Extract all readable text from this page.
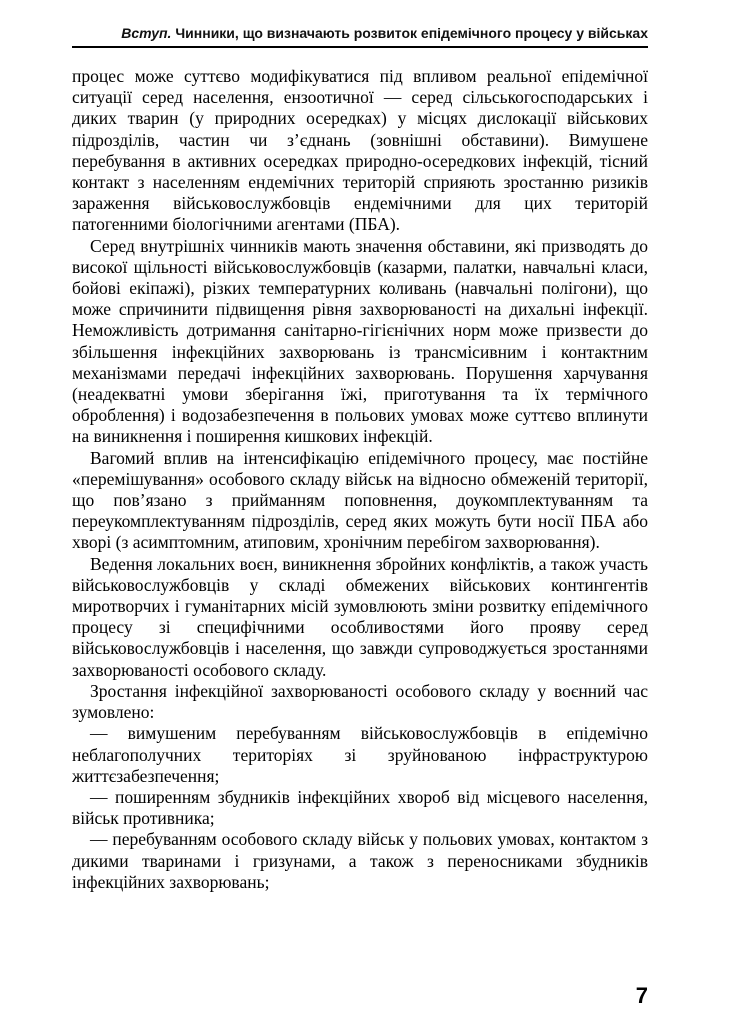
Вступ. Чинники, що визначають розвиток епідемічного процесу у військах

процес може суттєво модифікуватися під впливом реальної епідемічної ситуації серед населення, ензоотичної — серед сільськогосподарських і диких тварин (у природних осередках) у місцях дислокації військових підрозділів, частин чи з’єднань (зовнішні обставини). Вимушене перебування в активних осередках природно-осередкових інфекцій, тісний контакт з населенням ендемічних територій сприяють зростанню ризиків зараження військовослужбовців ендемічними для цих територій патогенними біологічними агентами (ПБА).

Серед внутрішніх чинників мають значення обставини, які призводять до високої щільності військовослужбовців (казарми, палатки, навчальні класи, бойові екіпажі), різких температурних коливань (навчальні полігони), що може спричинити підвищення рівня захворюваності на дихальні інфекції. Неможливість дотримання санітарно-гігієнічних норм може призвести до збільшення інфекційних захворювань із трансмісивним і контактним механізмами передачі інфекційних захворювань. Порушення харчування (неадекватні умови зберігання їжі, приготування та їх термічного оброблення) і водозабезпечення в польових умовах може суттєво вплинути на виникнення і поширення кишкових інфекцій.

Вагомий вплив на інтенсифікацію епідемічного процесу, має постійне «перемішування» особового складу військ на відносно обмеженій території, що пов’язано з прийманням поповнення, доукомплектуванням та переукомплектуванням підрозділів, серед яких можуть бути носії ПБА або хворі (з асимптомним, атиповим, хронічним перебігом захворювання).

Ведення локальних воєн, виникнення збройних конфліктів, а також участь військовослужбовців у складі обмежених військових контингентів миротворчих і гуманітарних місій зумовлюють зміни розвитку епідемічного процесу зі специфічними особливостями його прояву серед військовослужбовців і населення, що завжди супроводжується зростаннями захворюваності особового складу.

Зростання інфекційної захворюваності особового складу у воєнний час зумовлено:

— вимушеним перебуванням військовослужбовців в епідемічно неблагополучних територіях зі зруйнованою інфраструктурою життєзабезпечення;

— поширенням збудників інфекційних хвороб від місцевого населення, військ противника;

— перебуванням особового складу військ у польових умовах, контактом з дикими тваринами і гризунами, а також з переносниками збудників інфекційних захворювань;

7
